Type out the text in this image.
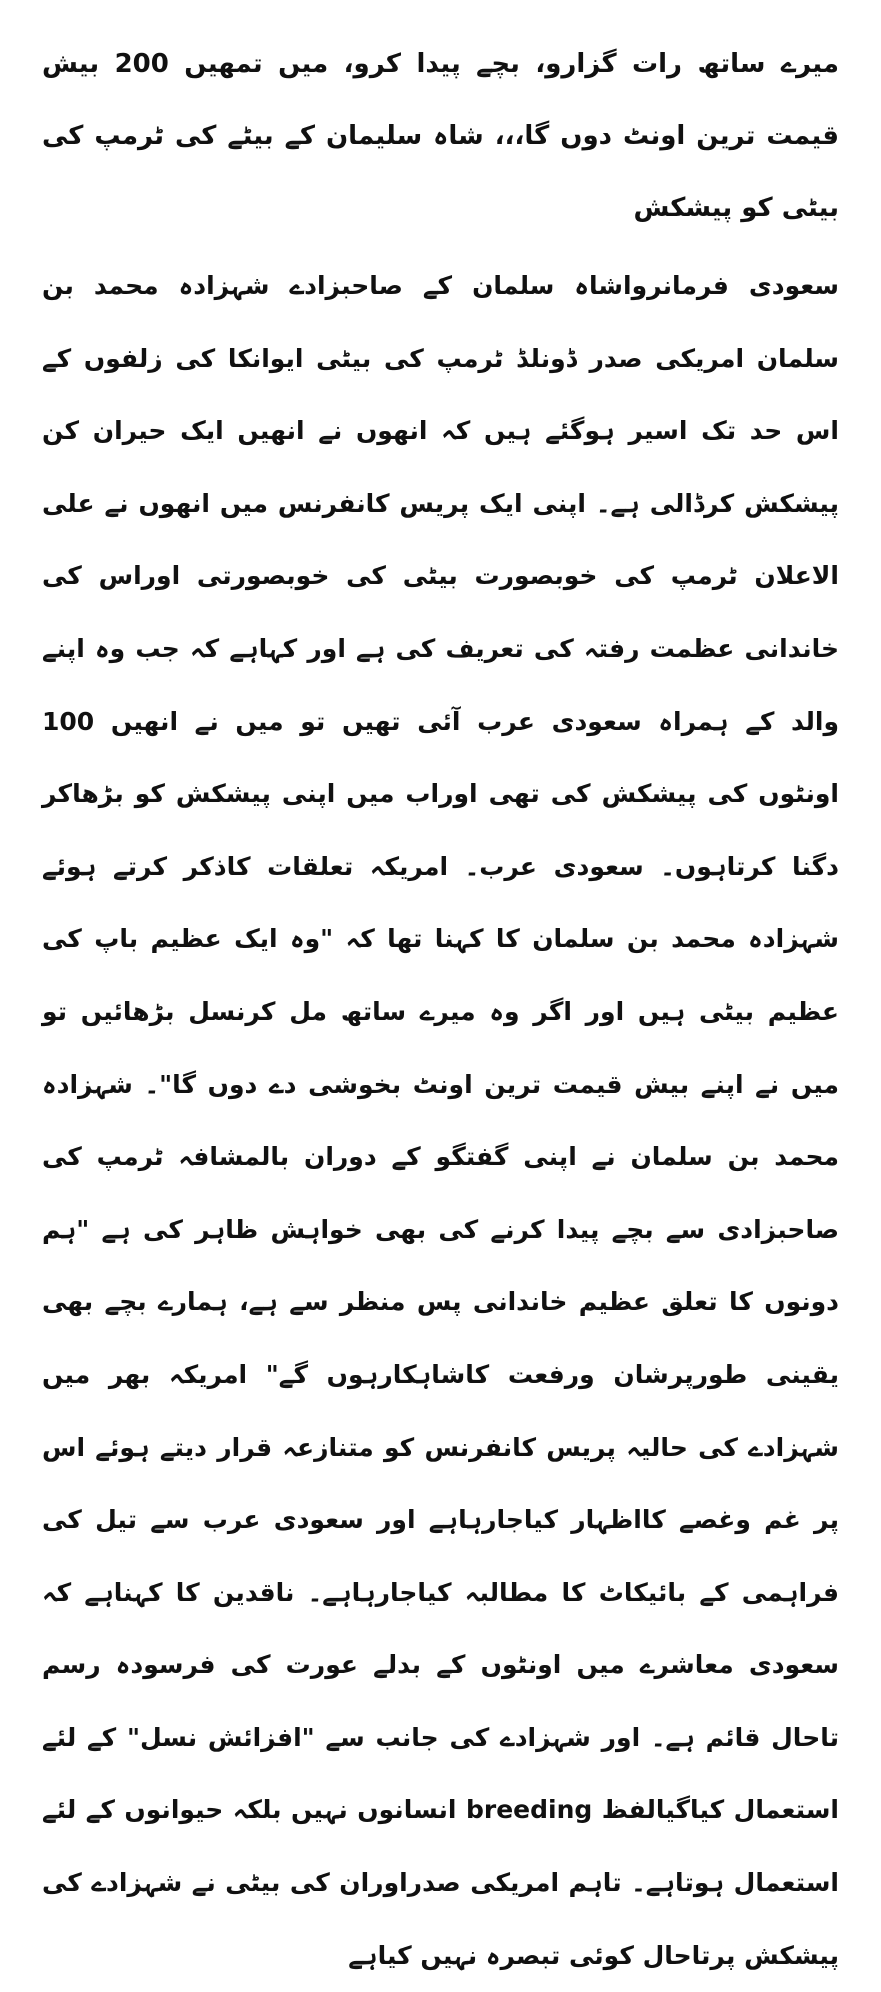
میرے ساتھ رات گزارو، بچے پیدا کرو، میں تمھیں 200 بیش قیمت ترین اونٹ دوں گا،،، شاہ سلیمان کے بیٹے کی ٹرمپ کی بیٹی کو پیشکش

سعودی فرمانرواشاہ سلمان کے صاحبزادے شہزادہ محمد بن سلمان امریکی صدر ڈونلڈ ٹرمپ کی بیٹی ایوانکا کی زلفوں کے اس حد تک اسیر ہوگئے ہیں کہ انھوں نے انھیں ایک حیران کن پیشکش کرڈالی ہے۔ اپنی ایک پریس کانفرنس میں انھوں نے علی الاعلان ٹرمپ کی خوبصورت بیٹی کی خوبصورتی اوراس کی خاندانی عظمت رفتہ کی تعریف کی ہے اور کہاہے کہ جب وہ اپنے والد کے ہمراہ سعودی عرب آئی تھیں تو میں نے انھیں 100 اونٹوں کی پیشکش کی تھی اوراب میں اپنی پیشکش کو بڑھاکر دگنا کرتاہوں۔ سعودی عرب۔ امریکہ تعلقات کاذکر کرتے ہوئے شہزادہ محمد بن سلمان کا کہنا تھا کہ "وہ ایک عظیم باپ کی عظیم بیٹی ہیں اور اگر وہ میرے ساتھ مل کرنسل بڑھائیں تو میں نے اپنے بیش قیمت ترین اونٹ بخوشی دے دوں گا"۔ شہزادہ محمد بن سلمان نے اپنی گفتگو کے دوران بالمشافہ ٹرمپ کی صاحبزادی سے بچے پیدا کرنے کی بھی خواہش ظاہر کی ہے "ہم دونوں کا تعلق عظیم خاندانی پس منظر سے ہے، ہمارے بچے بھی یقینی طورپرشان ورفعت کاشاہکارہوں گے" امریکہ بھر میں شہزادے کی حالیہ پریس کانفرنس کو متنازعہ قرار دیتے ہوئے اس پر غم وغصے کااظہار کیاجارہاہے اور سعودی عرب سے تیل کی فراہمی کے بائیکاٹ کا مطالبہ کیاجارہاہے۔ ناقدین کا کہناہے کہ سعودی معاشرے میں اونٹوں کے بدلے عورت کی فرسودہ رسم تاحال قائم ہے۔ اور شہزادے کی جانب سے "افزائش نسل" کے لئے استعمال کیاگیالفظ breeding انسانوں نہیں بلکہ حیوانوں کے لئے استعمال ہوتاہے۔ تاہم امریکی صدراوران کی بیٹی نے شہزادے کی پیشکش پرتاحال کوئی تبصرہ نہیں کیاہے
